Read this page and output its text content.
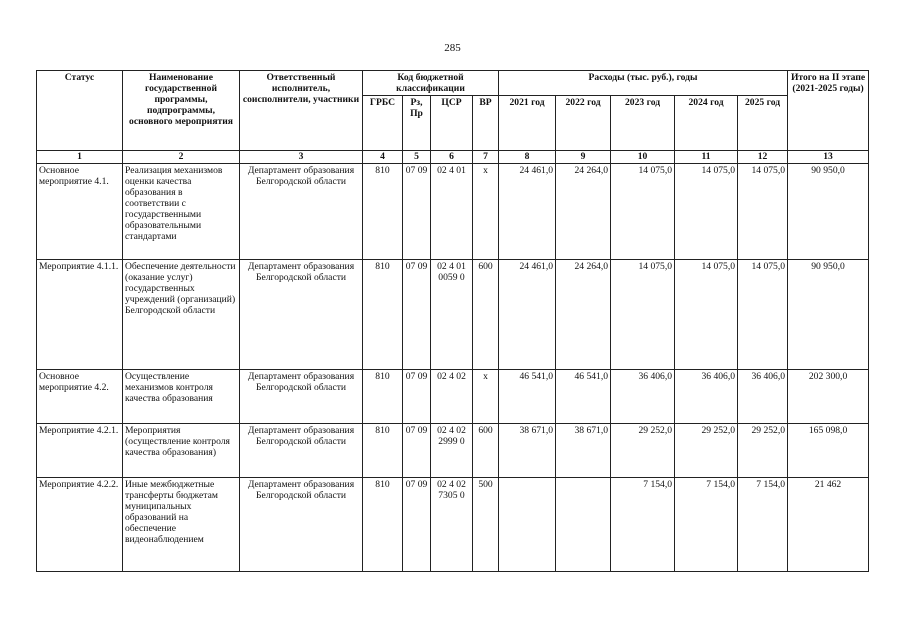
285
Статус	Наименование государственной программы, подпрограммы, основного мероприятия	Ответственный исполнитель, соисполнители, участники	Код бюджетной классификации				Расходы (тыс. руб.), годы					Итого на II этапе (2021-2025 годы)
			ГРБС	Рз, Пр	ЦСР	ВР	2021 год	2022 год	2023 год	2024 год	2025 год	
1	2	3	4	5	6	7	8	9	10	11	12	13
Основное мероприятие 4.1.	Реализация механизмов оценки качества образования в соответствии с государственными образовательными стандартами	Департамент образования Белгородской области	810	07 09	02 4 01	х	24 461,0	24 264,0	14 075,0	14 075,0	14 075,0	90 950,0
Мероприятие 4.1.1.	Обеспечение деятельности (оказание услуг) государственных учреждений (организаций) Белгородской области	Департамент образования Белгородской области	810	07 09	02 4 01 0059 0	600	24 461,0	24 264,0	14 075,0	14 075,0	14 075,0	90 950,0
Основное мероприятие 4.2.	Осуществление механизмов контроля качества образования	Департамент образования Белгородской области	810	07 09	02 4 02	х	46 541,0	46 541,0	36 406,0	36 406,0	36 406,0	202 300,0
Мероприятие 4.2.1.	Мероприятия (осуществление контроля качества образования)	Департамент образования Белгородской области	810	07 09	02 4 02 2999 0	600	38 671,0	38 671,0	29 252,0	29 252,0	29 252,0	165 098,0
Мероприятие 4.2.2.	Иные межбюджетные трансферты бюджетам муниципальных образований на обеспечение видеонаблюдением	Департамент образования Белгородской области	810	07 09	02 4 02 7305 0	500			7 154,0	7 154,0	7 154,0	21 462
